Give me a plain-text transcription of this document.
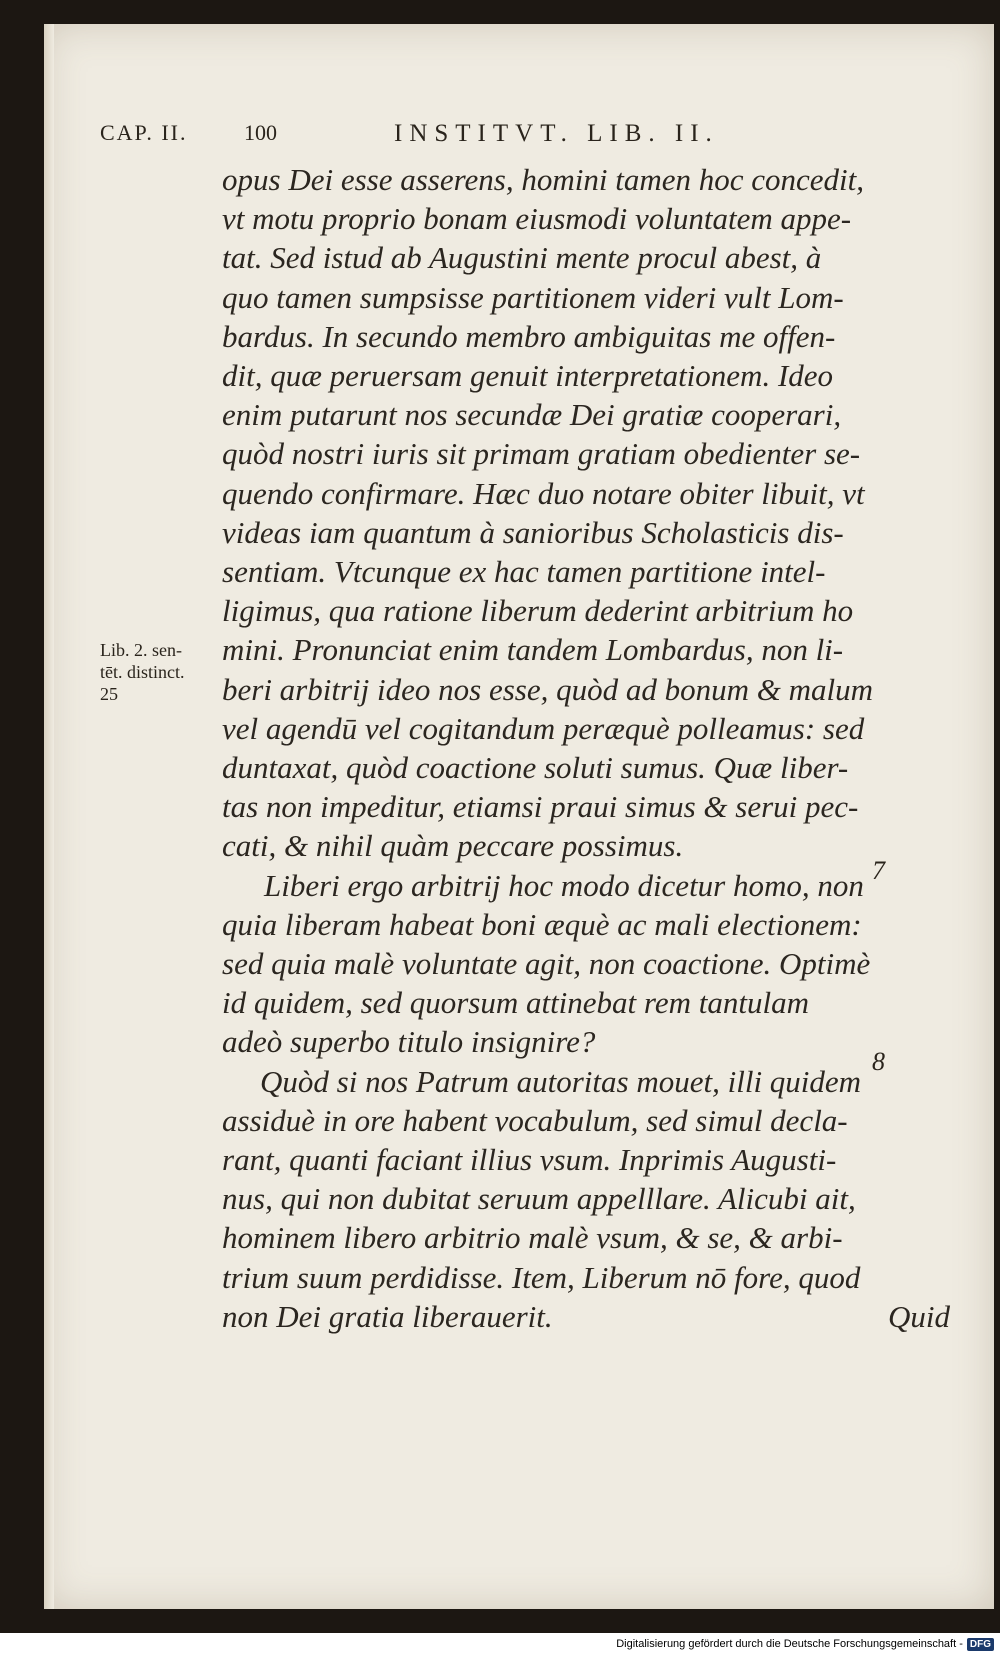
CAP. II.	100	INSTITVT. LIB. II.
Lib. 2. sen-
tēt. distinct.
25
7
8
opus Dei esse asserens, homini tamen hoc concedit,
vt motu proprio bonam eiusmodi voluntatem appe-
tat. Sed istud ab Augustini mente procul abest, à
quo tamen sumpsisse partitionem videri vult Lom-
bardus. In secundo membro ambiguitas me offen-
dit, quæ peruersam genuit interpretationem. Ideo
enim putarunt nos secundæ Dei gratiæ cooperari,
quòd nostri iuris sit primam gratiam obedienter se-
quendo confirmare. Hæc duo notare obiter libuit, vt
videas iam quantum à sanioribus Scholasticis dis-
sentiam. Vtcunque ex hac tamen partitione intel-
ligimus, qua ratione liberum dederint arbitrium ho
mini. Pronunciat enim tandem Lombardus, non li-
beri arbitrij ideo nos esse, quòd ad bonum & malum
vel agendū vel cogitandum peræquè polleamus: sed
duntaxat, quòd coactione soluti sumus. Quæ liber-
tas non impeditur, etiamsi praui simus & serui pec-
cati, & nihil quàm peccare possimus.
Liberi ergo arbitrij hoc modo dicetur homo, non
quia liberam habeat boni æquè ac mali electionem:
sed quia malè voluntate agit, non coactione. Optimè
id quidem, sed quorsum attinebat rem tantulam
adeò superbo titulo insignire?
Quòd si nos Patrum autoritas mouet, illi quidem
assiduè in ore habent vocabulum, sed simul decla-
rant, quanti faciant illius vsum. Inprimis Augusti-
nus, qui non dubitat seruum appelllare. Alicubi ait,
hominem libero arbitrio malè vsum, & se, & arbi-
trium suum perdidisse. Item, Liberum nō fore, quod
non Dei gratia liberauerit.	Quid
Digitalisierung gefördert durch die Deutsche Forschungsgemeinschaft - DFG
